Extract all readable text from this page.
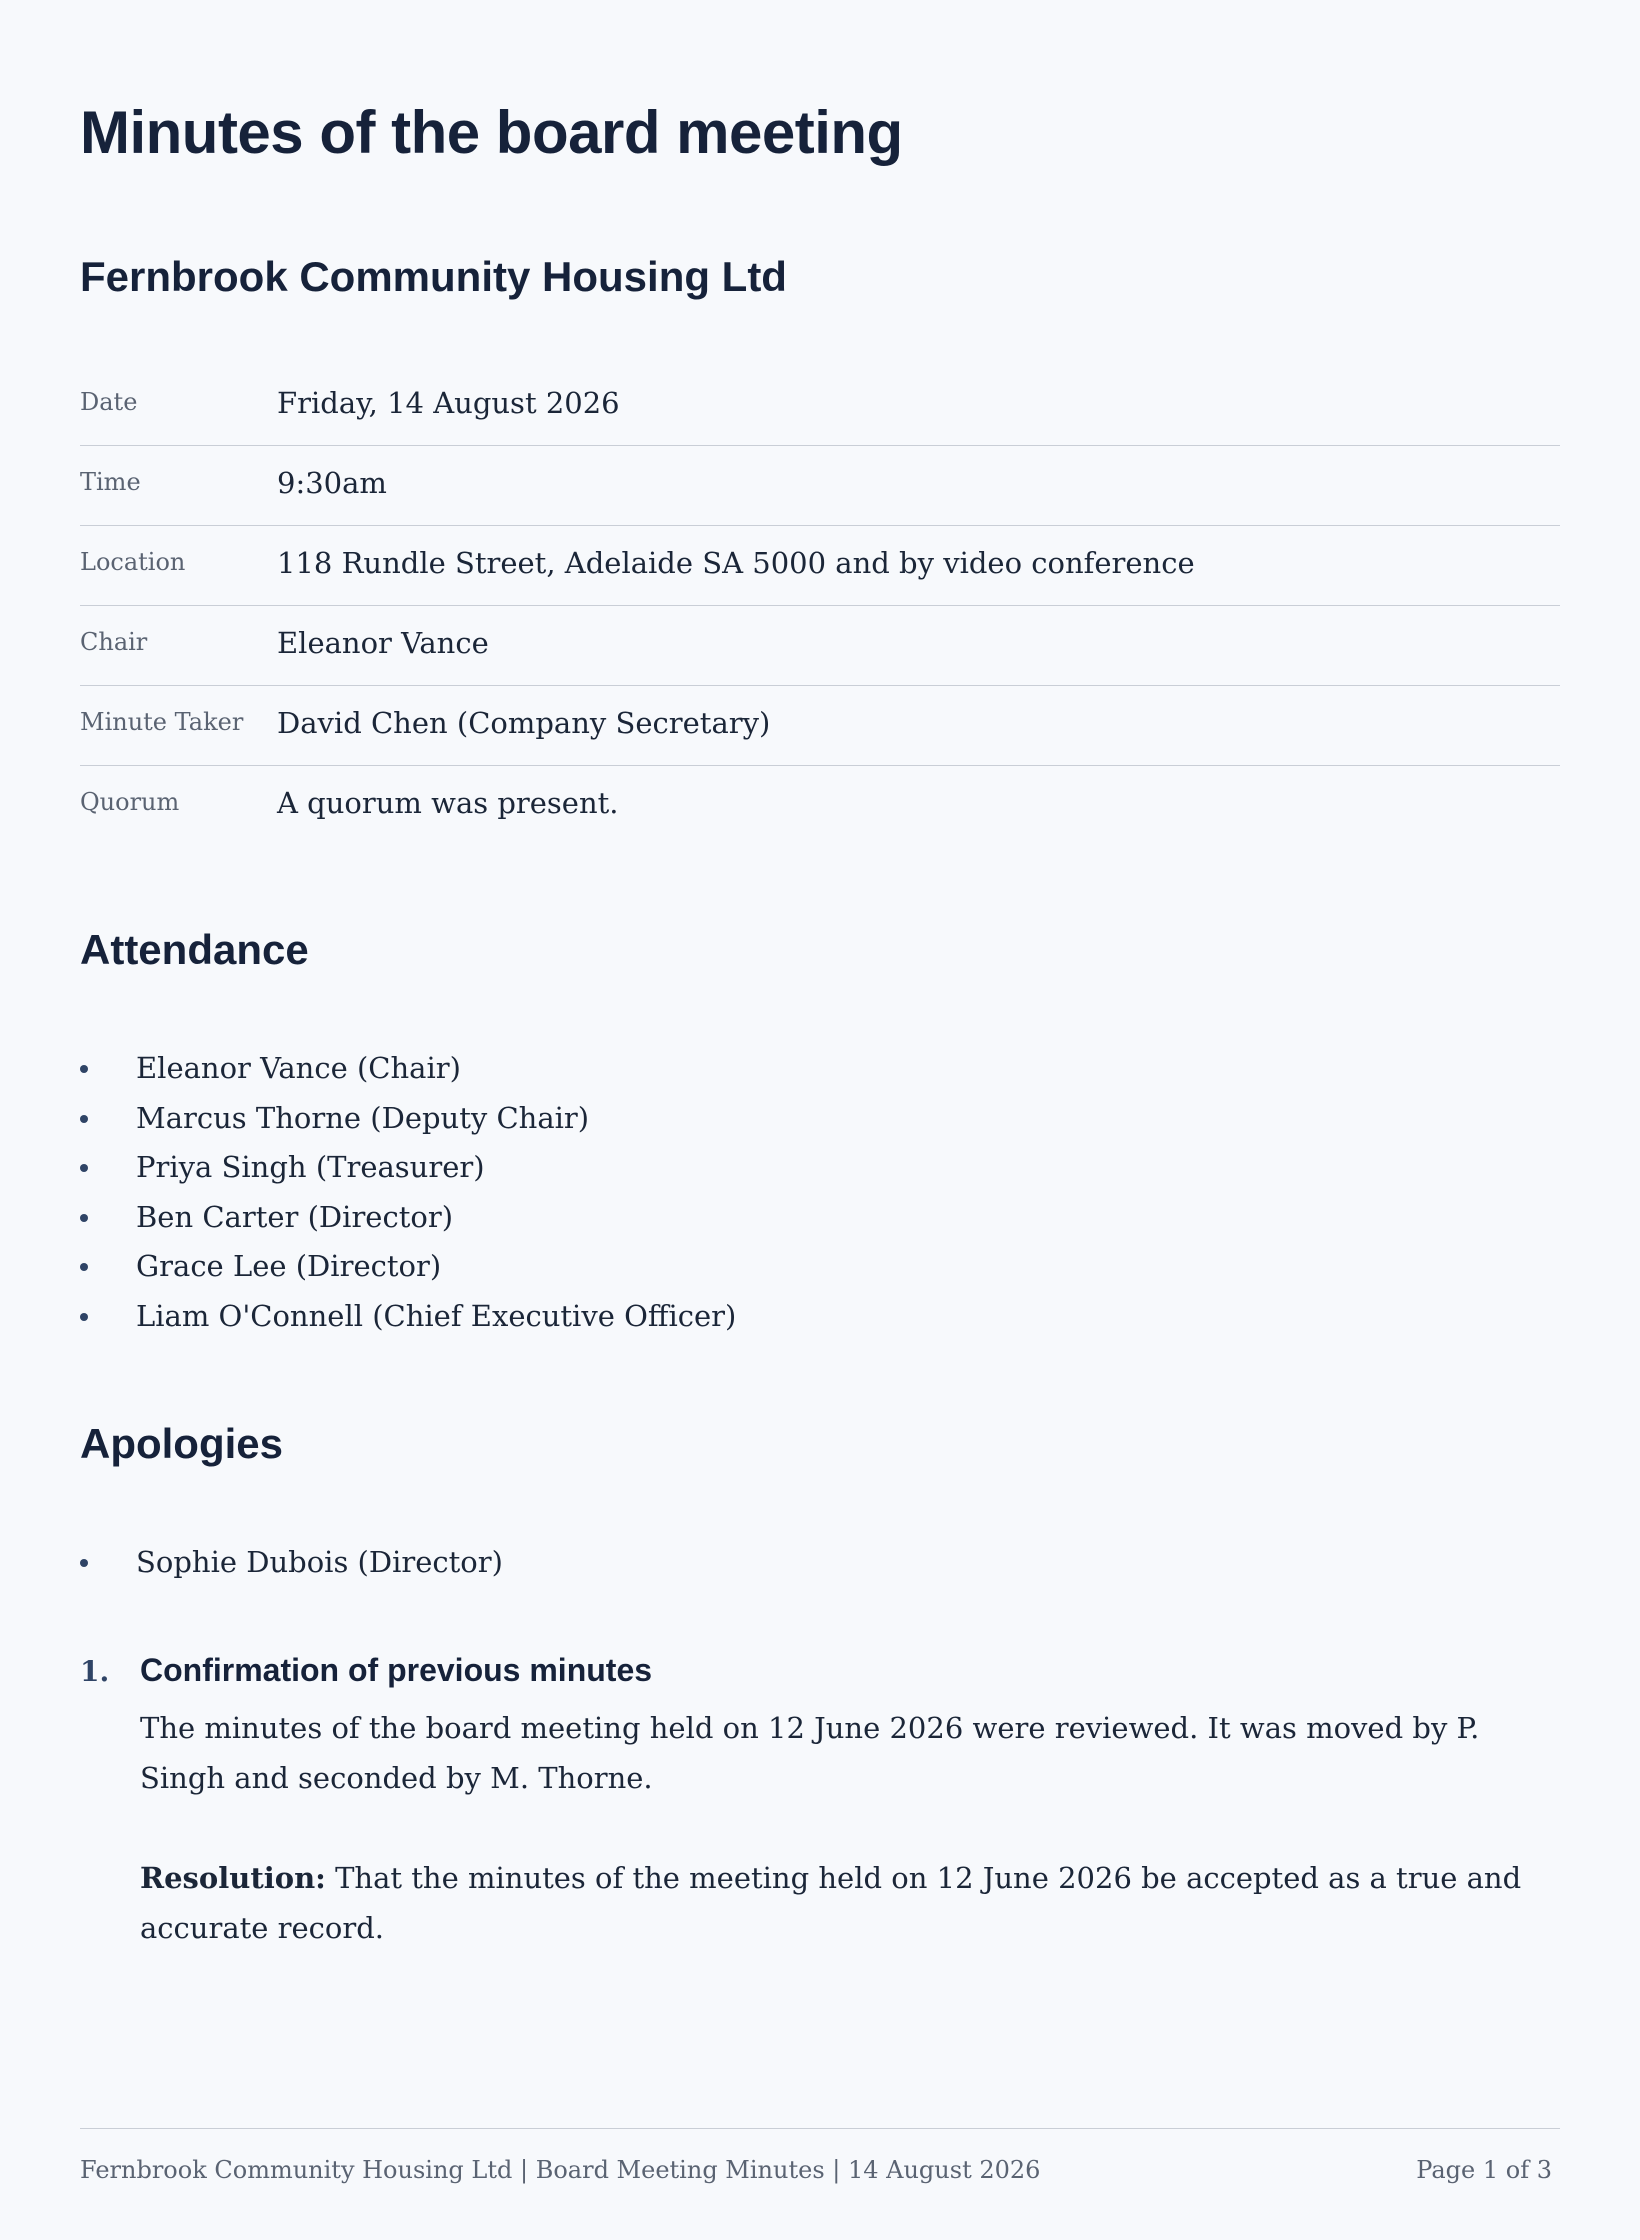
Minutes of the board meeting
Fernbrook Community Housing Ltd
Date	Friday, 14 August 2026
Time	9:30am
Location	118 Rundle Street, Adelaide SA 5000 and by video conference
Chair	Eleanor Vance
Minute Taker	David Chen (Company Secretary)
Quorum	A quorum was present.
Attendance
Eleanor Vance (Chair)
Marcus Thorne (Deputy Chair)
Priya Singh (Treasurer)
Ben Carter (Director)
Grace Lee (Director)
Liam O'Connell (Chief Executive Officer)
Apologies
Sophie Dubois (Director)
1. Confirmation of previous minutes

The minutes of the board meeting held on 12 June 2026 were reviewed. It was moved by P. Singh and seconded by M. Thorne.

Resolution: That the minutes of the meeting held on 12 June 2026 be accepted as a true and accurate record.

Fernbrook Community Housing Ltd | Board Meeting Minutes | 14 August 2026	Page 1 of 3
